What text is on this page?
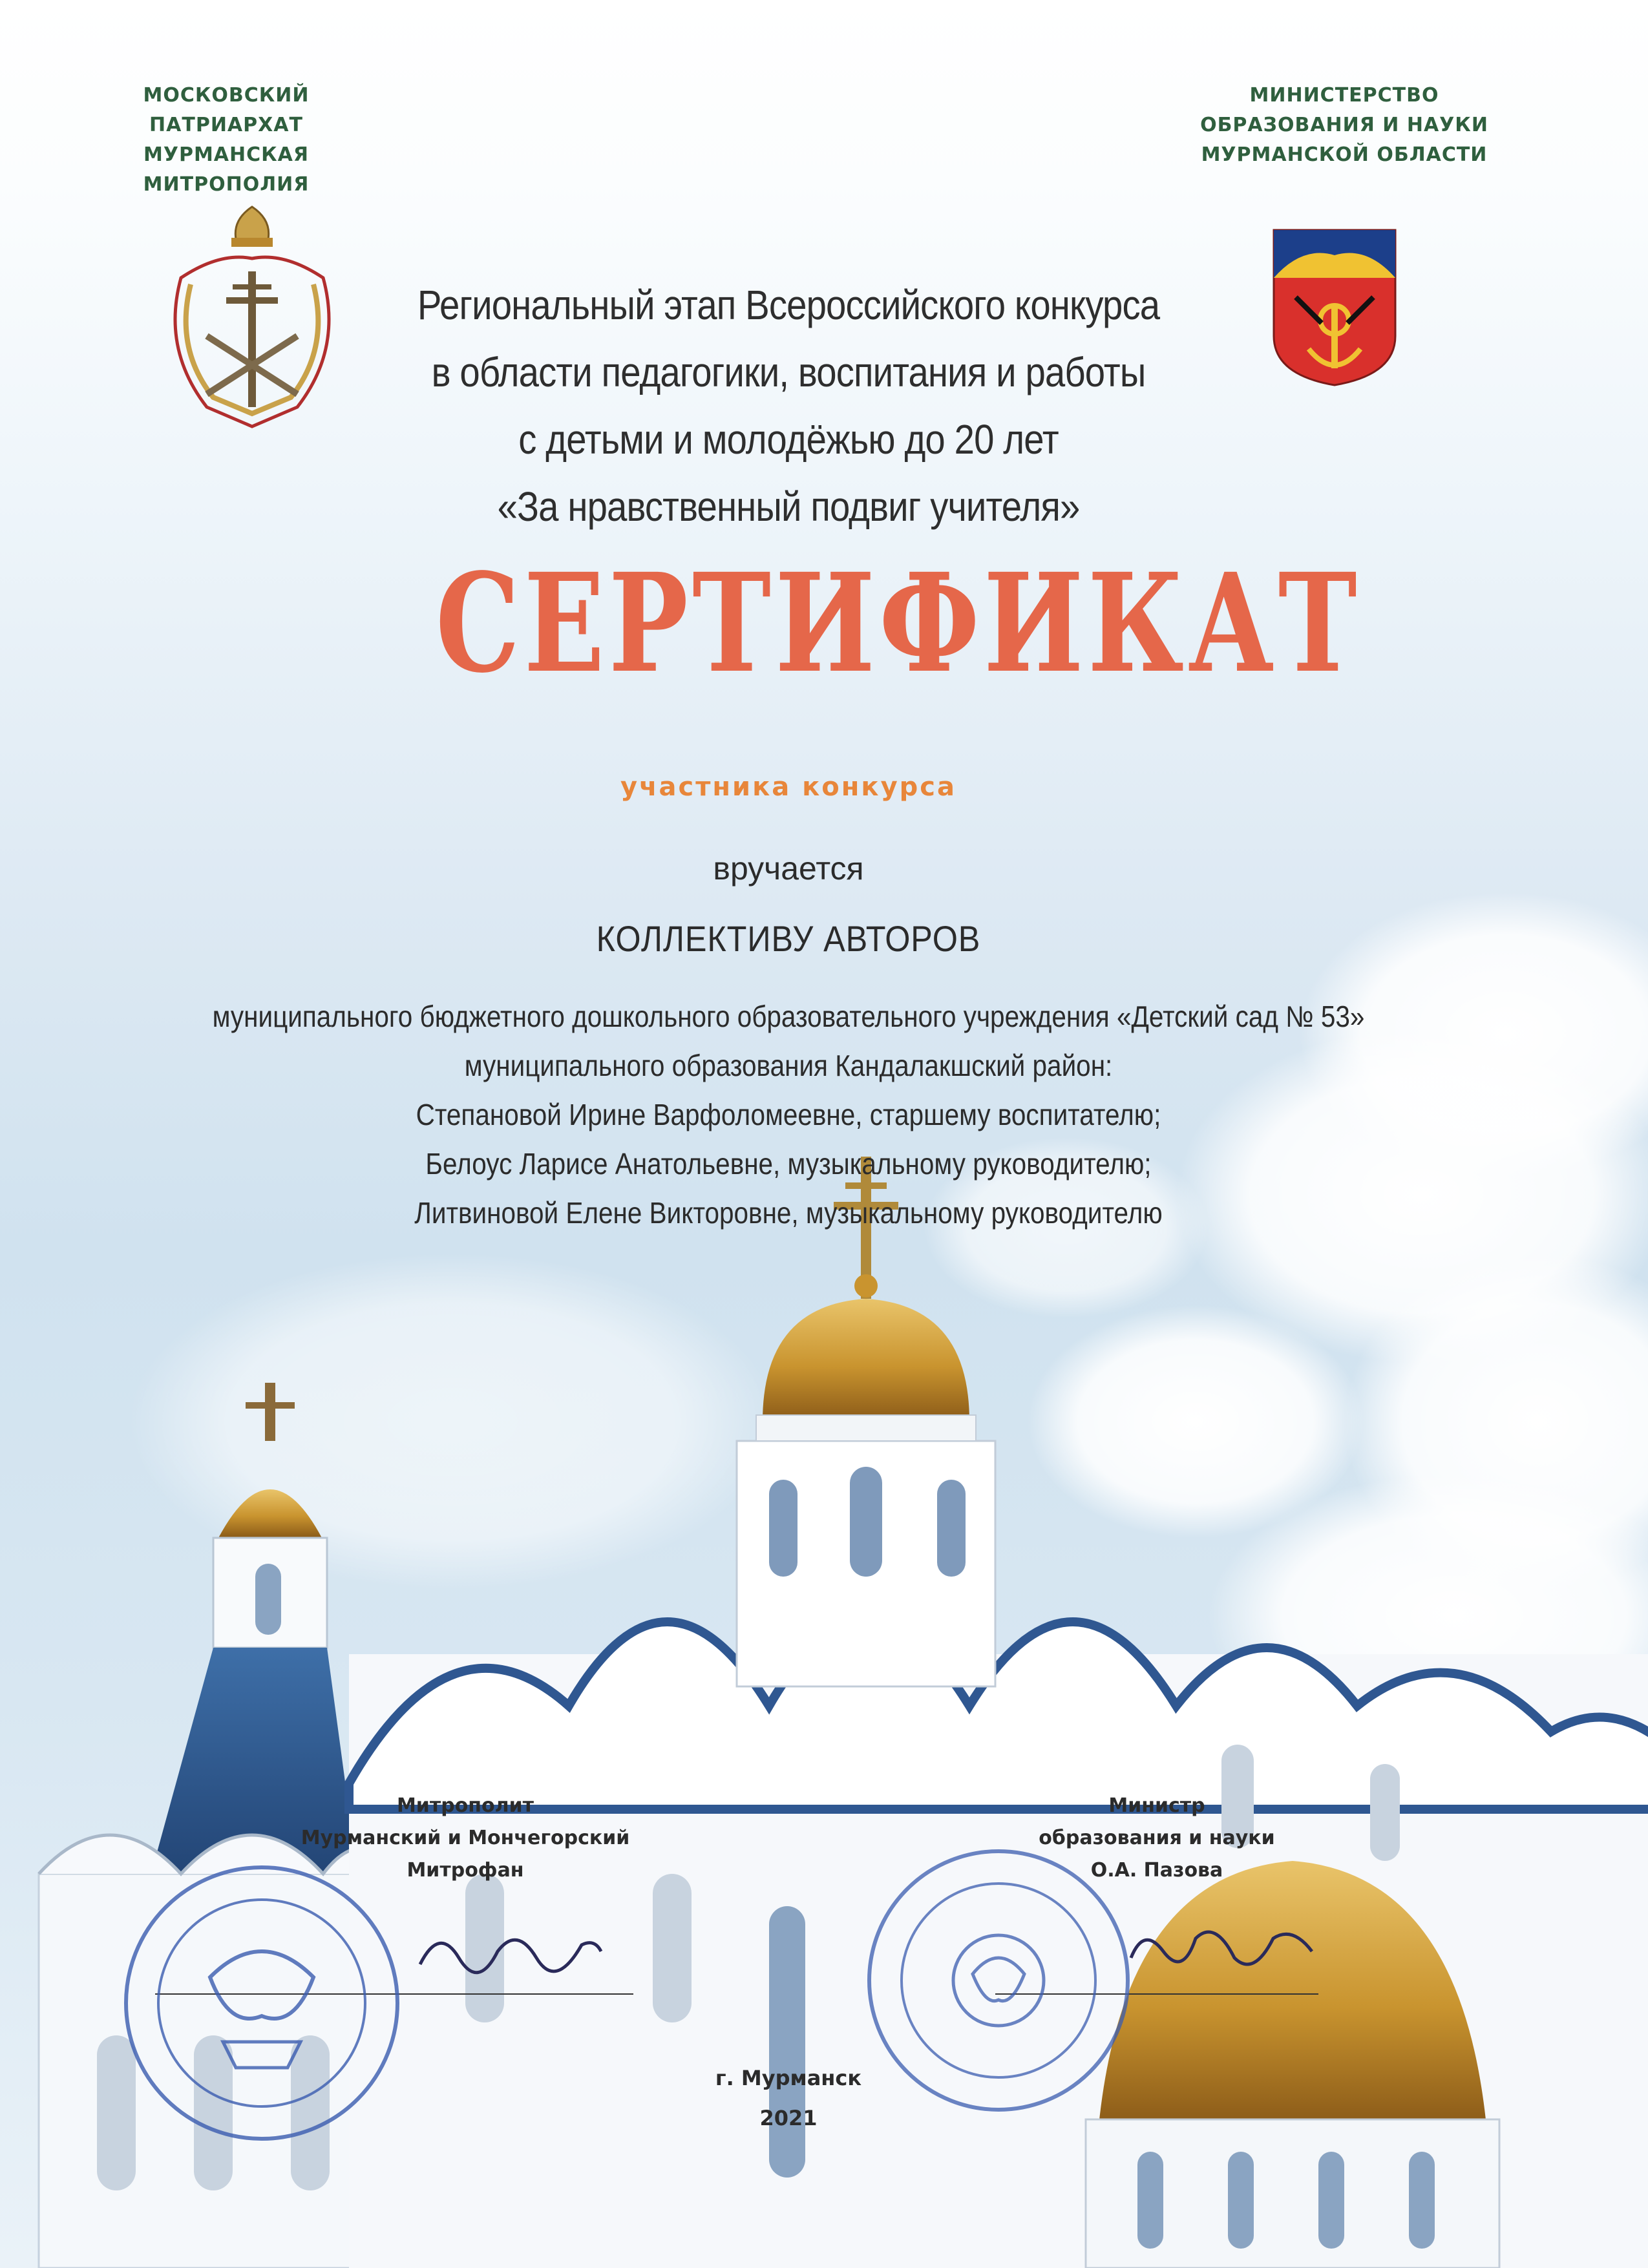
МОСКОВСКИЙ ПАТРИАРХАТ
МУРМАНСКАЯ
МИТРОПОЛИЯ
МИНИСТЕРСТВО
ОБРАЗОВАНИЯ И НАУКИ
МУРМАНСКОЙ ОБЛАСТИ
Региональный этап Всероссийского конкурса
в области педагогики, воспитания и работы
с детьми и молодёжью до 20 лет
«За нравственный подвиг учителя»
СЕРТИФИКАТ
участника конкурса
вручается
КОЛЛЕКТИВУ АВТОРОВ
муниципального бюджетного дошкольного образовательного учреждения «Детский сад № 53»
муниципального образования Кандалакшский район:
Степановой Ирине Варфоломеевне, старшему воспитателю;
Белоус Ларисе Анатольевне, музыкальному руководителю;
Литвиновой Елене Викторовне, музыкальному руководителю
Митрополит
Мурманский и Мончегорский
Митрофан
Министр
образования и науки
О.А. Пазова
г. Мурманск
2021
